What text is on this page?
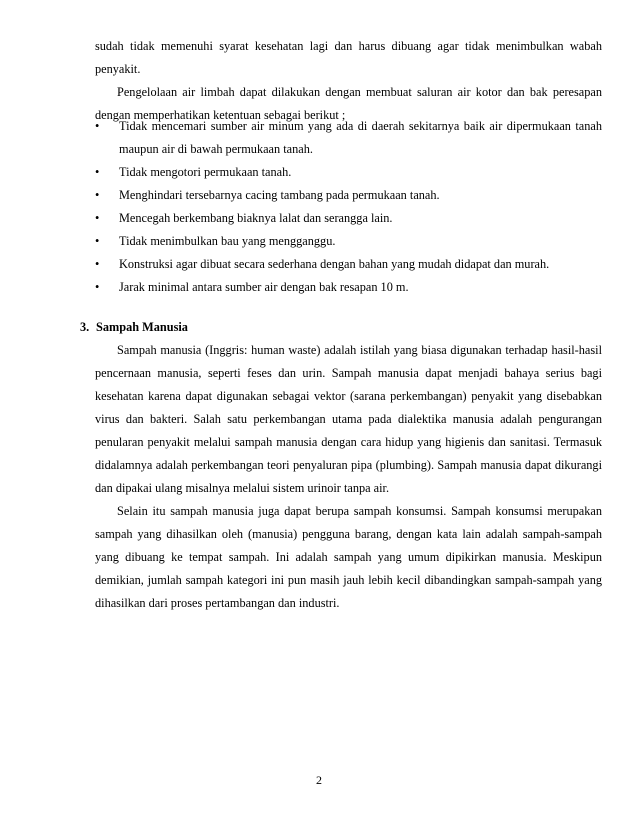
sudah tidak memenuhi syarat kesehatan lagi dan harus dibuang agar tidak menimbulkan wabah penyakit.

Pengelolaan air limbah dapat dilakukan dengan membuat saluran air kotor dan bak peresapan dengan memperhatikan ketentuan sebagai berikut ;

• Tidak mencemari sumber air minum yang ada di daerah sekitarnya baik air dipermukaan tanah maupun air di bawah permukaan tanah.
• Tidak mengotori permukaan tanah.
• Menghindari tersebarnya cacing tambang pada permukaan tanah.
• Mencegah berkembang biaknya lalat dan serangga lain.
• Tidak menimbulkan bau yang mengganggu.
• Konstruksi agar dibuat secara sederhana dengan bahan yang mudah didapat dan murah.
• Jarak minimal antara sumber air dengan bak resapan 10 m.
3. Sampah Manusia

Sampah manusia (Inggris: human waste) adalah istilah yang biasa digunakan terhadap hasil-hasil pencernaan manusia, seperti feses dan urin. Sampah manusia dapat menjadi bahaya serius bagi kesehatan karena dapat digunakan sebagai vektor (sarana perkembangan) penyakit yang disebabkan virus dan bakteri. Salah satu perkembangan utama pada dialektika manusia adalah pengurangan penularan penyakit melalui sampah manusia dengan cara hidup yang higienis dan sanitasi. Termasuk didalamnya adalah perkembangan teori penyaluran pipa (plumbing). Sampah manusia dapat dikurangi dan dipakai ulang misalnya melalui sistem urinoir tanpa air.

Selain itu sampah manusia juga dapat berupa sampah konsumsi. Sampah konsumsi merupakan sampah yang dihasilkan oleh (manusia) pengguna barang, dengan kata lain adalah sampah-sampah yang dibuang ke tempat sampah. Ini adalah sampah yang umum dipikirkan manusia. Meskipun demikian, jumlah sampah kategori ini pun masih jauh lebih kecil dibandingkan sampah-sampah yang dihasilkan dari proses pertambangan dan industri.

2
